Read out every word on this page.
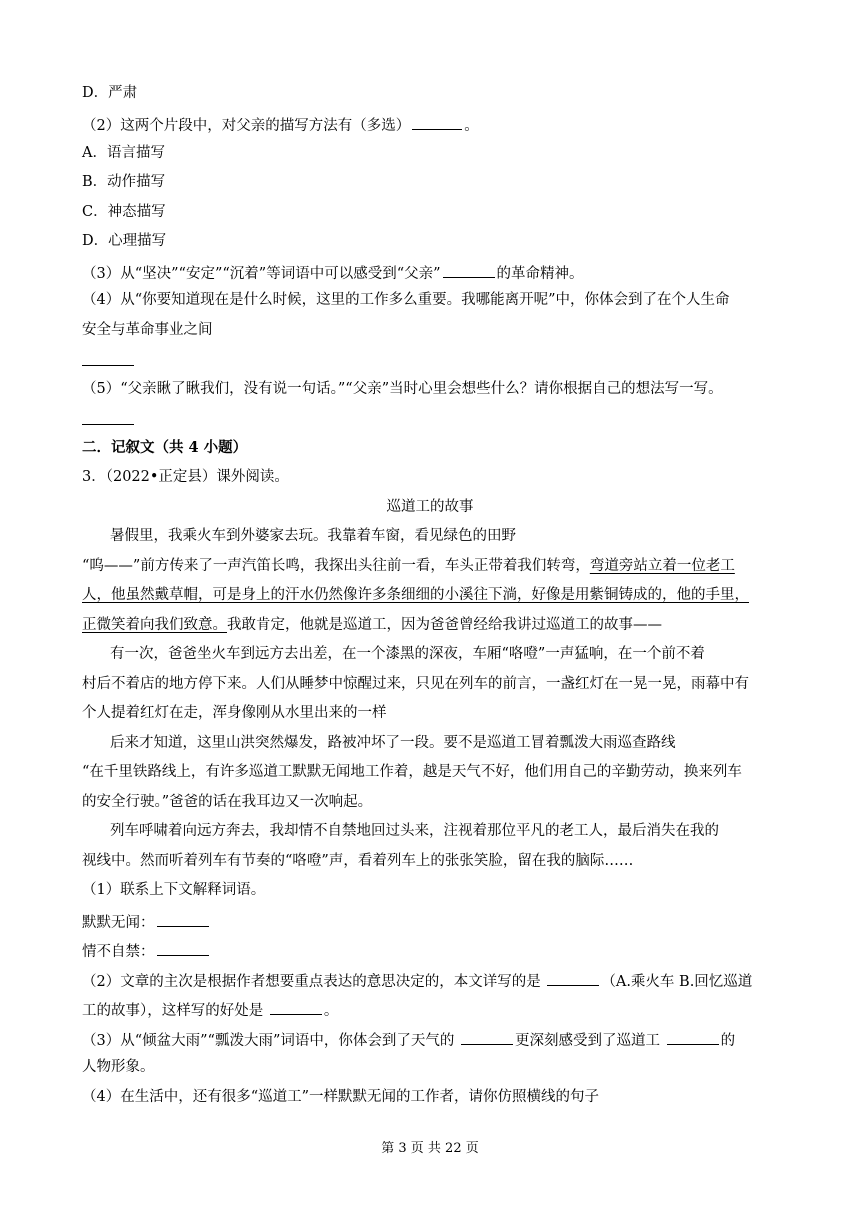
D．严肃
（2）这两个片段中，对父亲的描写方法有（多选）	。
A．语言描写
B．动作描写
C．神态描写
D．心理描写
（3）从“坚决”“安定”“沉着”等词语中可以感受到“父亲”	的革命精神。
（4）从“你要知道现在是什么时候，这里的工作多么重要。我哪能离开呢”中，你体会到了在个人生命
安全与革命事业之间
（5）“父亲瞅了瞅我们，没有说一句话。”“父亲”当时心里会想些什么？请你根据自己的想法写一写。
二．记叙文（共 4 小题）
3．（2022•正定县）课外阅读。
巡道工的故事
暑假里，我乘火车到外婆家去玩。我靠着车窗，看见绿色的田野
“呜——”前方传来了一声汽笛长鸣，我探出头往前一看，车头正带着我们转弯，弯道旁站立着一位老工
人，他虽然戴草帽，可是身上的汗水仍然像许多条细细的小溪往下淌，好像是用紫铜铸成的，他的手里，
正微笑着向我们致意。我敢肯定，他就是巡道工，因为爸爸曾经给我讲过巡道工的故事——
有一次，爸爸坐火车到远方去出差，在一个漆黑的深夜，车厢“咯噔”一声猛响，在一个前不着
村后不着店的地方停下来。人们从睡梦中惊醒过来，只见在列车的前言，一盏红灯在一晃一晃，雨幕中有
个人提着红灯在走，浑身像刚从水里出来的一样
后来才知道，这里山洪突然爆发，路被冲坏了一段。要不是巡道工冒着瓢泼大雨巡查路线
“在千里铁路线上，有许多巡道工默默无闻地工作着，越是天气不好，他们用自己的辛勤劳动，换来列车
的安全行驶。”爸爸的话在我耳边又一次响起。
列车呼啸着向远方奔去，我却情不自禁地回过头来，注视着那位平凡的老工人，最后消失在我的
视线中。然而听着列车有节奏的“咯噔”声，看着列车上的张张笑脸，留在我的脑际……
（1）联系上下文解释词语。
默默无闻：
情不自禁：
（2）文章的主次是根据作者想要重点表达的意思决定的，本文详写的是	（A.乘火车 B.回忆巡道
工的故事），这样写的好处是	。
（3）从“倾盆大雨”“瓢泼大雨”词语中，你体会到了天气的	更深刻感受到了巡道工	的
人物形象。
（4）在生活中，还有很多“巡道工”一样默默无闻的工作者，请你仿照横线的句子
第 3 页 共 22 页
